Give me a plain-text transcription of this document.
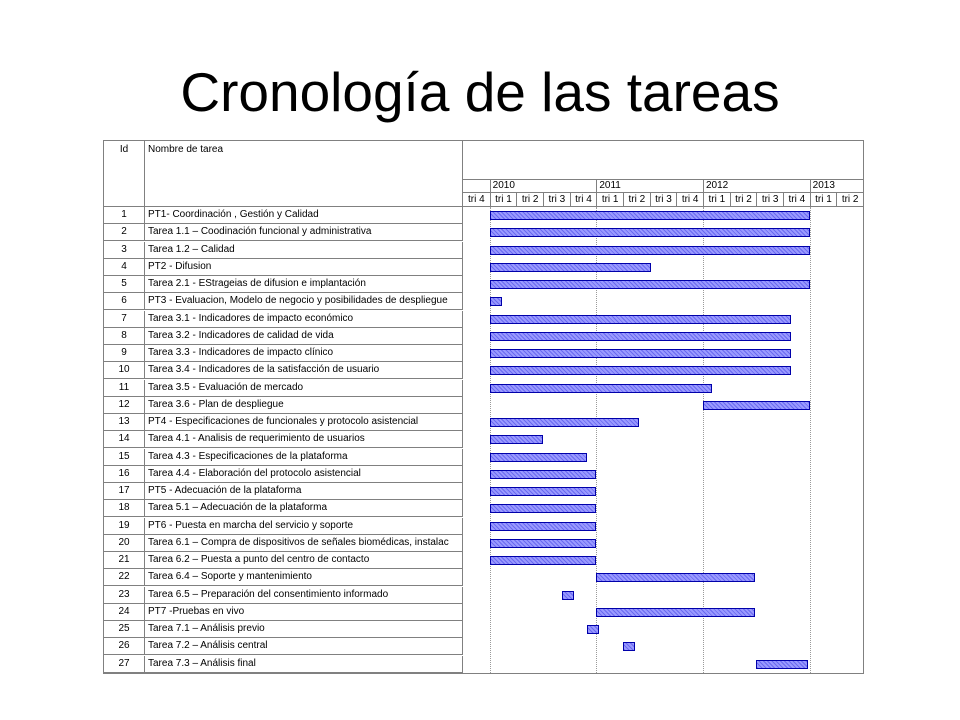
Cronología de las tareas
Id	Nombre de tarea
tri 4	tri 1	tri 2	tri 3 tri 4	tri 1	tri 2 tri 3	tri 4	tri 1 tri 2	tri 3	tri 4 tri 1	tri 2
2010	2011	2012	2013
1	PT1- Coordinación , Gestión y Calidad
2	Tarea 1.1 – Coodinación funcional y administrativa
3	Tarea 1.2 – Calidad
4	PT2 - Difusion
5	Tarea 2.1 - EStrageias de difusion e implantación
6	PT3 - Evaluacion, Modelo de negocio y posibilidades de despliegue
7	Tarea 3.1 - Indicadores de impacto económico
8	Tarea 3.2 - Indicadores de calidad de vida
9	Tarea 3.3 - Indicadores de impacto clínico
10	Tarea 3.4 - Indicadores de la satisfacción de usuario
11	Tarea 3.5 - Evaluación de mercado
12	Tarea 3.6 - Plan de despliegue
13	PT4 - Especificaciones de funcionales y protocolo asistencial
14	Tarea 4.1 - Analisis de requerimiento de usuarios
15	Tarea 4.3 - Especificaciones de la plataforma
16	Tarea 4.4 - Elaboración del protocolo asistencial
17	PT5 - Adecuación de la plataforma
18	Tarea 5.1 – Adecuación de la plataforma
19	PT6 - Puesta en marcha del servicio y soporte
20	Tarea 6.1 – Compra de dispositivos de señales biomédicas, instalac
21	Tarea 6.2 – Puesta a punto del centro de contacto
22	Tarea 6.4 – Soporte y mantenimiento
23	Tarea 6.5 – Preparación del consentimiento informado
24	PT7 -Pruebas en vivo
25	Tarea 7.1 – Análisis previo
26	Tarea 7.2 – Análisis central
27	Tarea 7.3 – Análisis final
